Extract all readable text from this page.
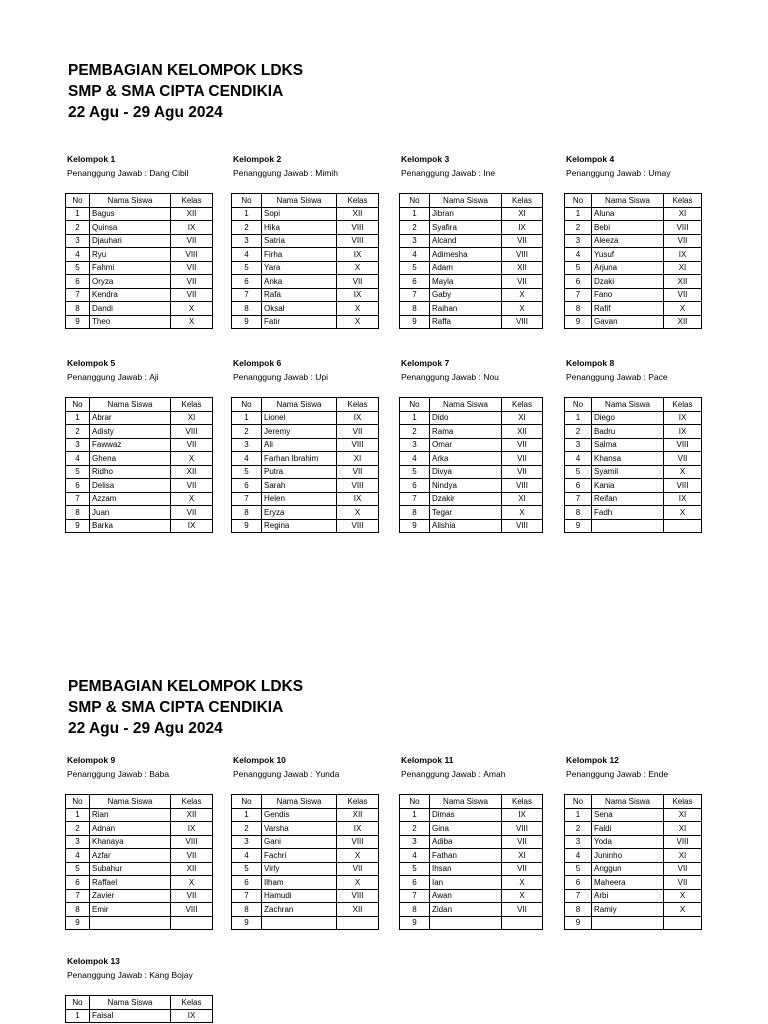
PEMBAGIAN KELOMPOK LDKS
SMP & SMA CIPTA CENDIKIA
22 Agu - 29 Agu 2024
Kelompok 1
Penanggung Jawab : Dang Cibil
No	Nama Siswa	Kelas
1	Bagus	XII
2	Quinsa	IX
3	Djauhari	VII
4	Ryu	VIII
5	Fahmi	VII
6	Oryza	VII
7	Kendra	VII
8	Dandi	X
9	Theo	X
Kelompok 2
Penanggung Jawab : Mimih
No	Nama Siswa	Kelas
1	Sopi	XII
2	Hika	VIII
3	Satria	VIII
4	Firha	IX
5	Yara	X
6	Anka	VII
7	Rafa	IX
8	Oksal	X
9	Fatir	X
Kelompok 3
Penanggung Jawab : Ine
No	Nama Siswa	Kelas
1	Jibran	XI
2	Syafira	IX
3	Alcand	VII
4	Adimesha	VIII
5	Adam	XII
6	Mayla	VII
7	Gaby	X
8	Raihan	X
9	Raffa	VIII
Kelompok 4
Penanggung Jawab : Umay
No	Nama Siswa	Kelas
1	Aluna	XI
2	Bebi	VIII
3	Aleeza	VII
4	Yusuf	IX
5	Arjuna	XI
6	Dzaki	XII
7	Fano	VII
8	Rafif	X
9	Gavan	XII
Kelompok 5
Penanggung Jawab : Aji
No	Nama Siswa	Kelas
1	Abrar	XI
2	Adisty	VIII
3	Fawwaz	VII
4	Ghena	X
5	Ridho	XII
6	Delisa	VII
7	Azzam	X
8	Juan	VII
9	Barka	IX
Kelompok 6
Penanggung Jawab : Upi
No	Nama Siswa	Kelas
1	Lionel	IX
2	Jeremy	VII
3	Ali	VIII
4	Farhan Ibrahim	XI
5	Putra	VII
6	Sarah	VIII
7	Helen	IX
8	Eryza	X
9	Regina	VIII
Kelompok 7
Penanggung Jawab : Nou
No	Nama Siswa	Kelas
1	Dido	XI
2	Rama	XII
3	Omar	VII
4	Arka	VII
5	Divya	VII
6	Nindya	VIII
7	Dzakir	XI
8	Tegar	X
9	Alishia	VIII
Kelompok 8
Penanggung Jawab : Pace
No	Nama Siswa	Kelas
1	Diego	IX
2	Badru	IX
3	Salma	VIII
4	Khansa	VII
5	Syamil	X
6	Kania	VIII
7	Reifan	IX
8	Fadh	X
9		
PEMBAGIAN KELOMPOK LDKS
SMP & SMA CIPTA CENDIKIA
22 Agu - 29 Agu 2024
Kelompok 9
Penanggung Jawab : Baba
No	Nama Siswa	Kelas
1	Rian	XII
2	Adnan	IX
3	Khanaya	VIII
4	Azfar	VII
5	Subahur	XII
6	Raffael	X
7	Zavier	VII
8	Emir	VIII
9		
Kelompok 10
Penanggung Jawab : Yunda
No	Nama Siswa	Kelas
1	Gendis	XII
2	Varsha	IX
3	Gani	VIII
4	Fachri	X
5	Virly	VII
6	Ilham	X
7	Hamudi	VIII
8	Zachran	XII
9		
Kelompok 11
Penanggung Jawab : Amah
No	Nama Siswa	Kelas
1	Dimas	IX
2	Gina	VIII
3	Adiba	VII
4	Fathan	XI
5	Ihsan	VII
6	Ian	X
7	Awan	X
8	Zidan	VII
9		
Kelompok 12
Penanggung Jawab : Ende
No	Nama Siswa	Kelas
1	Sena	XI
2	Faldi	XI
3	Yoda	VIII
4	Juninho	XI
5	Anggun	VII
6	Maheera	VII
7	Arbi	X
8	Ramiy	X
9		
Kelompok 13
Penanggung Jawab : Kang Bojay
No	Nama Siswa	Kelas
1	Faisal	IX
